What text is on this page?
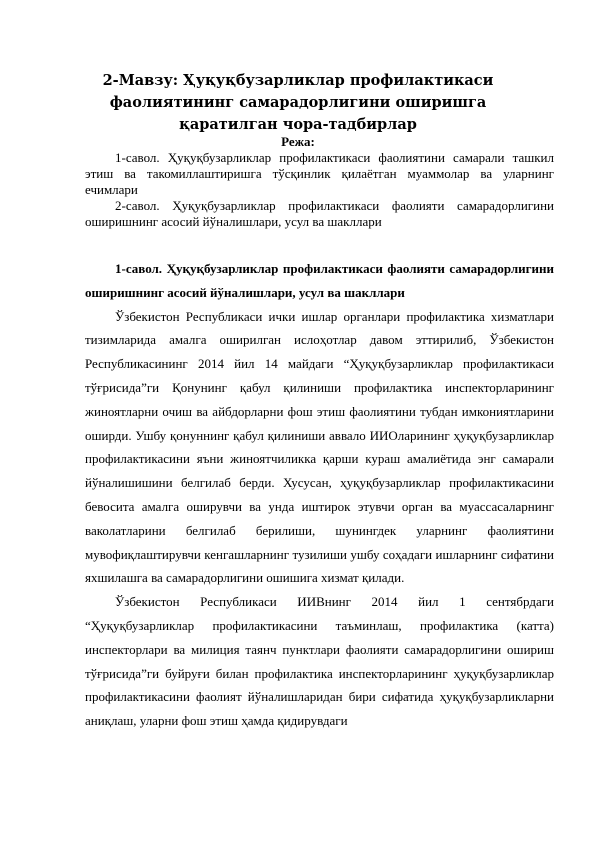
2-Мавзу: Ҳуқуқбузарликлар профилактикаси фаолиятининг самарадорлигини оширишга қаратилган чора-тадбирлар
Режа:

1-савол. Ҳуқуқбузарликлар профилактикаси фаолиятини самарали ташкил этиш ва такомиллаштиришга тўсқинлик қилаётган муаммолар ва уларнинг ечимлари

2-савол. Ҳуқуқбузарликлар профилактикаси фаолияти самарадорлигини оширишнинг асосий йўналишлари, усул ва шакллари

1-савол. Ҳуқуқбузарликлар профилактикаси фаолияти самарадорлигини оширишнинг асосий йўналишлари, усул ва шакллари

Ўзбекистон Республикаси ички ишлар органлари профилактика хизматлари тизимларида амалга оширилган ислоҳотлар давом эттирилиб, Ўзбекистон Республикасининг 2014 йил 14 майдаги “Ҳуқуқбузарликлар профилактикаси тўғрисида”ги Қонунинг қабул қилиниши профилактика инспекторларининг жиноятларни очиш ва айбдорларни фош этиш фаолиятини тубдан имкониятларини оширди. Ушбу қонуннинг қабул қилиниши аввало ИИОларининг ҳуқуқбузарликлар профилактикасини яъни жиноятчиликка қарши кураш амалиётида энг самарали йўналишишини белгилаб берди. Хусусан, ҳуқуқбузарликлар профилактикасини бевосита амалга оширувчи ва унда иштирок этувчи орган ва муассасаларнинг ваколатларини белгилаб берилиши, шунингдек уларнинг фаолиятини мувофиқлаштирувчи кенгашларнинг тузилиши ушбу соҳадаги ишларнинг сифатини яхшилашга ва самарадорлигини ошишига хизмат қилади.

Ўзбекистон Республикаси ИИВнинг 2014 йил 1 сентябрдаги “Ҳуқуқбузарликлар профилактикасини таъминлаш, профилактика (катта) инспекторлари ва милиция таянч пунктлари фаолияти самарадорлигини ошириш тўғрисида”ги буйруғи билан профилактика инспекторларининг ҳуқуқбузарликлар профилактикасини фаолият йўналишларидан бири сифатида ҳуқуқбузарликларни аниқлаш, уларни фош этиш ҳамда қидирувдаги
